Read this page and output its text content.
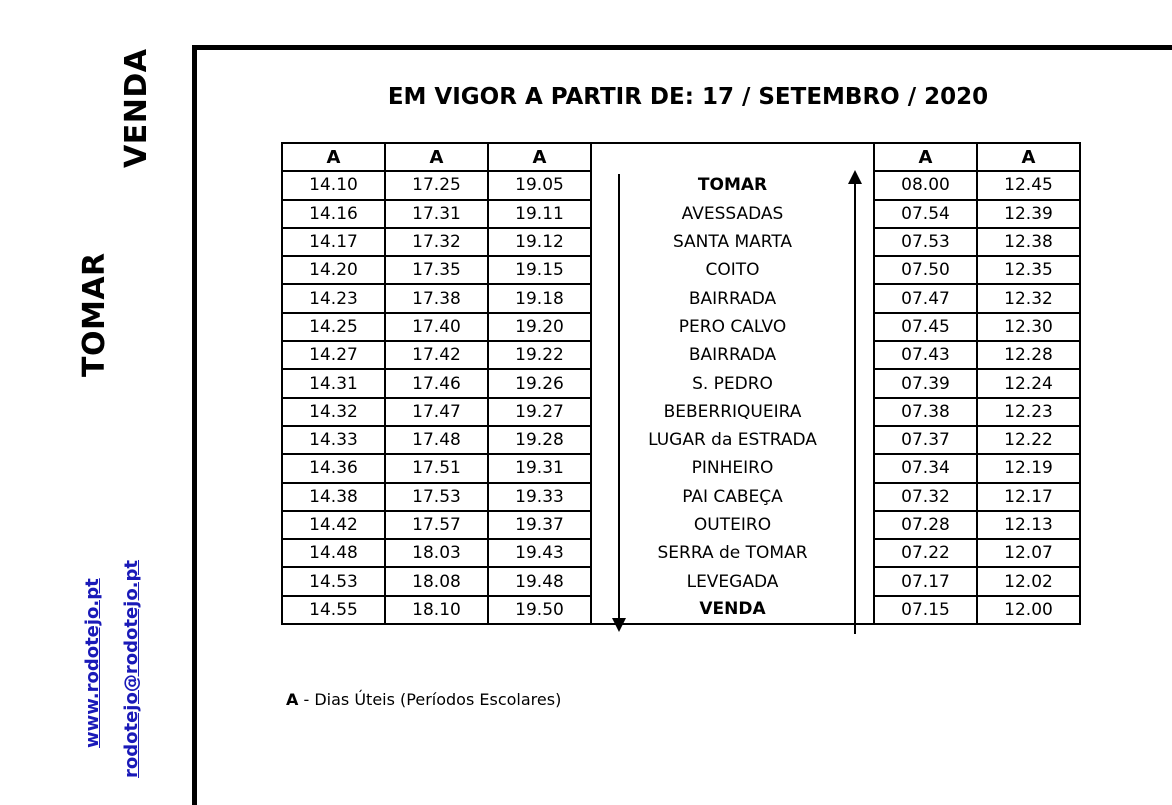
VENDA
TOMAR
www.rodotejo.pt rodotejo@rodotejo.pt
EM VIGOR A PARTIR DE: 17 / SETEMBRO / 2020
A	A	A		A	A
14.10	17.25	19.05	TOMAR	08.00	12.45
14.16	17.31	19.11	AVESSADAS	07.54	12.39
14.17	17.32	19.12	SANTA MARTA	07.53	12.38
14.20	17.35	19.15	COITO	07.50	12.35
14.23	17.38	19.18	BAIRRADA	07.47	12.32
14.25	17.40	19.20	PERO CALVO	07.45	12.30
14.27	17.42	19.22	BAIRRADA	07.43	12.28
14.31	17.46	19.26	S. PEDRO	07.39	12.24
14.32	17.47	19.27	BEBERRIQUEIRA	07.38	12.23
14.33	17.48	19.28	LUGAR da ESTRADA	07.37	12.22
14.36	17.51	19.31	PINHEIRO	07.34	12.19
14.38	17.53	19.33	PAI CABEÇA	07.32	12.17
14.42	17.57	19.37	OUTEIRO	07.28	12.13
14.48	18.03	19.43	SERRA de TOMAR	07.22	12.07
14.53	18.08	19.48	LEVEGADA	07.17	12.02
14.55	18.10	19.50	VENDA	07.15	12.00
A - Dias Úteis (Períodos Escolares)
